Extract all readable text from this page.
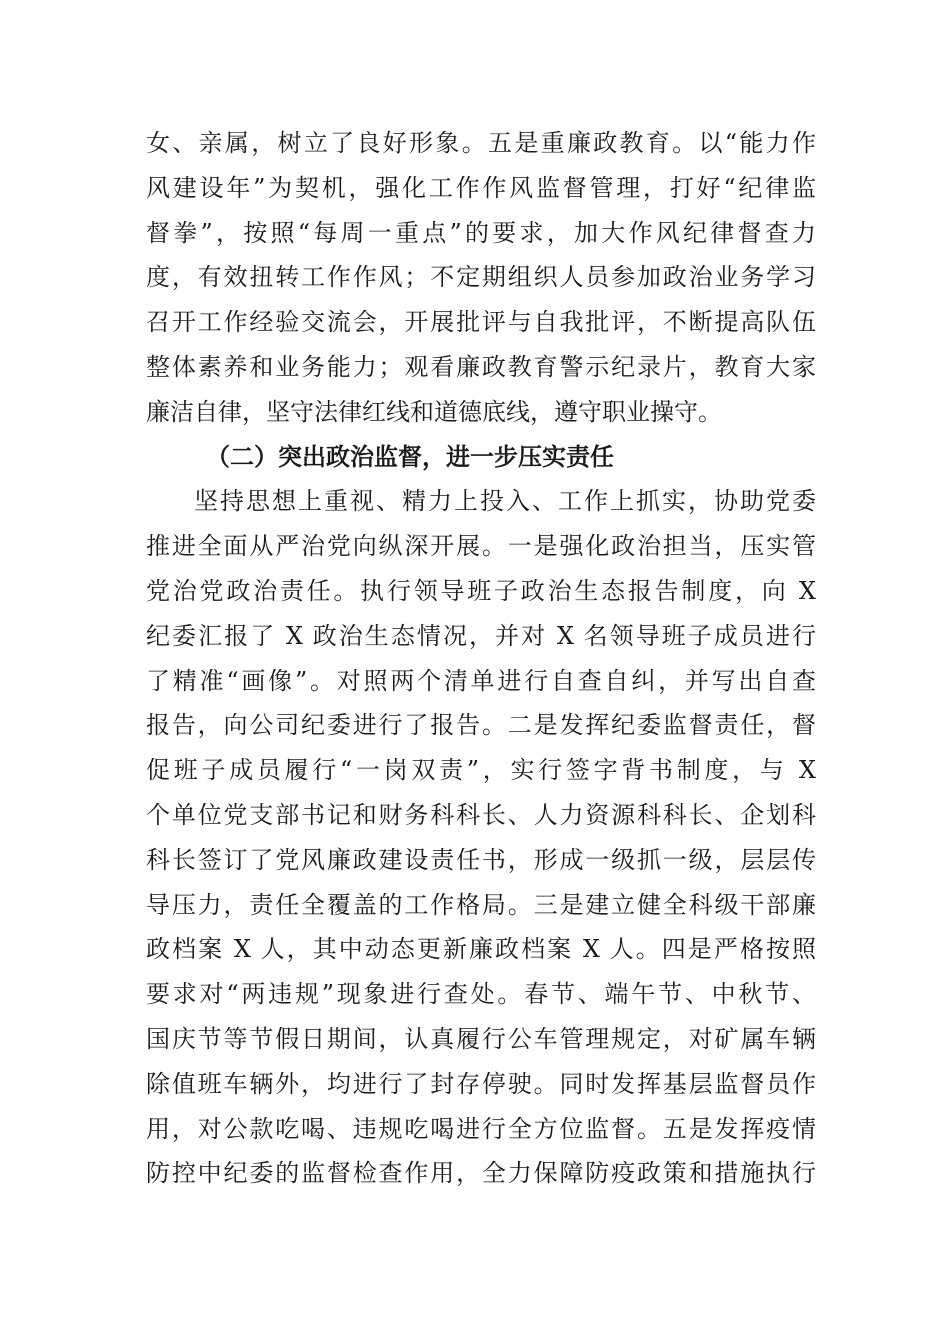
女、亲属，树立了良好形象。五是重廉政教育。以“能力作
风建设年”为契机，强化工作作风监督管理，打好“纪律监
督拳”，按照“每周一重点”的要求，加大作风纪律督查力
度，有效扭转工作作风；不定期组织人员参加政治业务学习
召开工作经验交流会，开展批评与自我批评，不断提高队伍
整体素养和业务能力；观看廉政教育警示纪录片，教育大家
廉洁自律，坚守法律红线和道德底线，遵守职业操守。
（二）突出政治监督，进一步压实责任
坚持思想上重视、精力上投入、工作上抓实，协助党委
推进全面从严治党向纵深开展。一是强化政治担当，压实管
党治党政治责任。执行领导班子政治生态报告制度，向 X
纪委汇报了 X 政治生态情况，并对 X 名领导班子成员进行
了精准“画像”。对照两个清单进行自查自纠，并写出自查
报告，向公司纪委进行了报告。二是发挥纪委监督责任，督
促班子成员履行“一岗双责”，实行签字背书制度，与 X
个单位党支部书记和财务科科长、人力资源科科长、企划科
科长签订了党风廉政建设责任书，形成一级抓一级，层层传
导压力，责任全覆盖的工作格局。三是建立健全科级干部廉
政档案 X 人，其中动态更新廉政档案 X 人。四是严格按照
要求对“两违规”现象进行查处。春节、端午节、中秋节、
国庆节等节假日期间，认真履行公车管理规定，对矿属车辆
除值班车辆外，均进行了封存停驶。同时发挥基层监督员作
用，对公款吃喝、违规吃喝进行全方位监督。五是发挥疫情
防控中纪委的监督检查作用，全力保障防疫政策和措施执行
